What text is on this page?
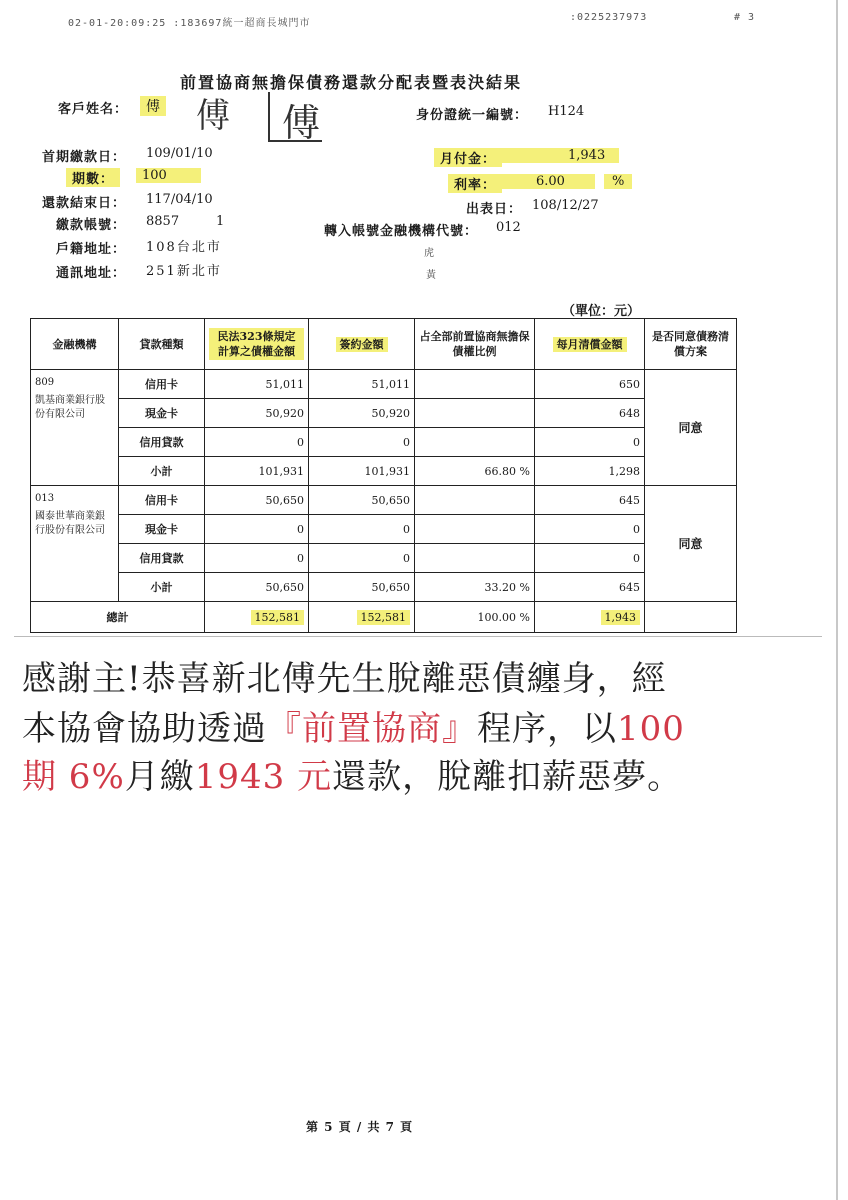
02-01-20:09:25 :183697統一超商長城門市
:0225237973	# 3
前置協商無擔保債務還款分配表暨表決結果
客戶姓名：	傅 傅 傅	身份證統一編號： H124
首期繳款日： 109/01/10
期數：	100
還款結束日： 117/04/10
繳款帳號： 8857	1
戶籍地址： 108台北市
通訊地址： 251新北市
月付金：	1,943
利率：	6.00	%
出表日： 108/12/27
轉入帳號金融機構代號： 012
虎
黃
（單位：元）
金融機構	貸款種類	民法323條規定計算之債權金額	簽約金額	占全部前置協商無擔保債權比例	每月清償金額	是否同意債務清償方案

809
凱基商業銀行股份有限公司	信用卡	51,011	51,011		650	同意
	現金卡	50,920	50,920		648	
	信用貸款	0	0		0	
	小計	101,931	101,931	66.80 %	1,298	

013
國泰世華商業銀行股份有限公司	信用卡	50,650	50,650		645	同意
	現金卡	0	0		0	
	信用貸款	0	0		0	
	小計	50,650	50,650	33.20 %	645	
總計		152,581	152,581	100.00 %	1,943	
感謝主!恭喜新北傅先生脫離惡債纏身，經
本協會協助透過『前置協商』程序，以100
期 6%月繳1943 元還款，脫離扣薪惡夢。
第 5 頁 / 共 7 頁
